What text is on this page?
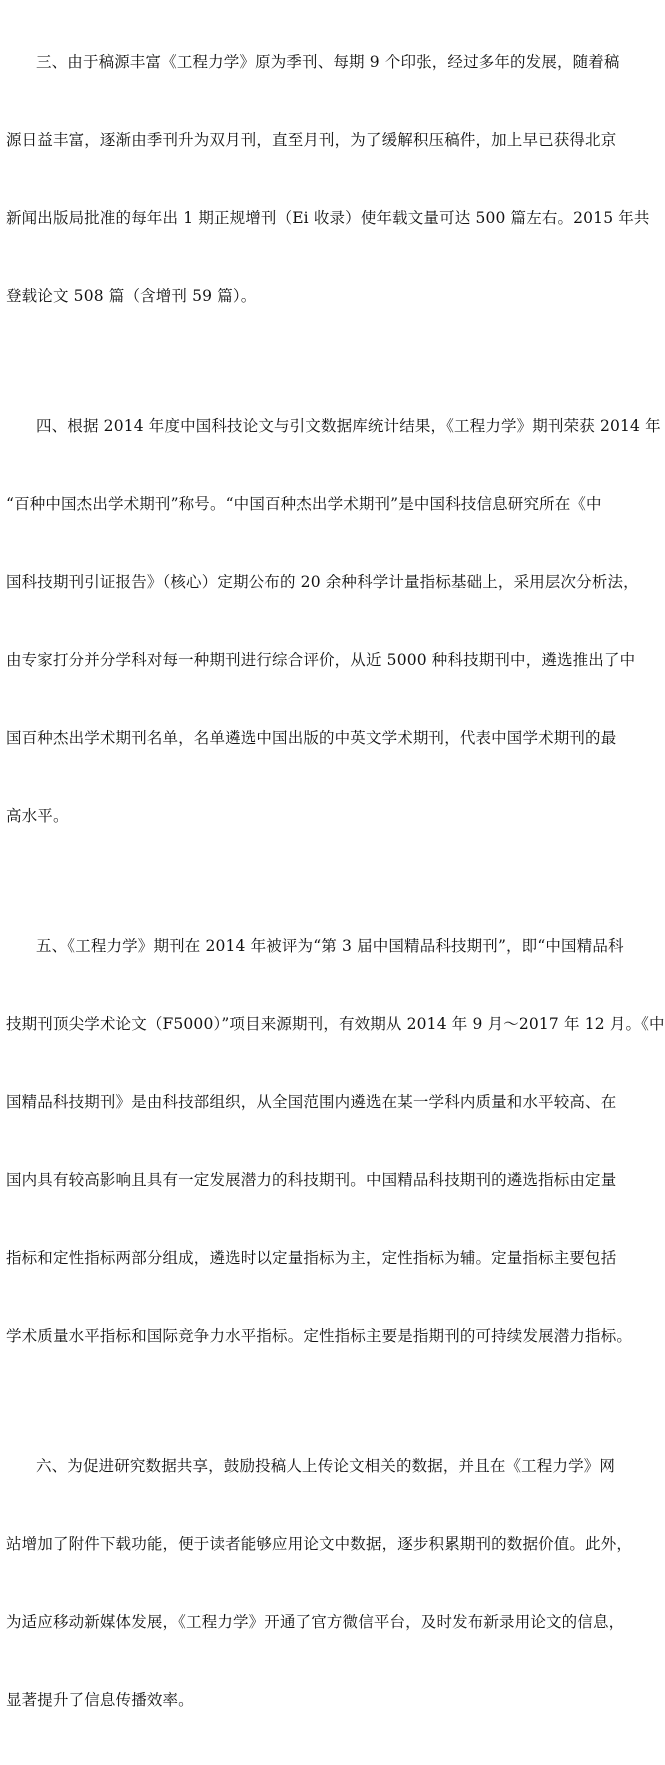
三、由于稿源丰富《工程力学》原为季刊、每期 9 个印张，经过多年的发展，随着稿

源日益丰富，逐渐由季刊升为双月刊，直至月刊，为了缓解积压稿件，加上早已获得北京

新闻出版局批准的每年出 1 期正规增刊（Ei 收录）使年载文量可达 500 篇左右。2015 年共

登载论文 508 篇（含增刊 59 篇）。

四、根据 2014 年度中国科技论文与引文数据库统计结果，《工程力学》期刊荣获 2014 年

“百种中国杰出学术期刊”称号。“中国百种杰出学术期刊”是中国科技信息研究所在《中

国科技期刊引证报告》（核心）定期公布的 20 余种科学计量指标基础上，采用层次分析法，

由专家打分并分学科对每一种期刊进行综合评价，从近 5000 种科技期刊中，遴选推出了中

国百种杰出学术期刊名单，名单遴选中国出版的中英文学术期刊，代表中国学术期刊的最

高水平。

五、《工程力学》期刊在 2014 年被评为“第 3 届中国精品科技期刊”，即“中国精品科

技期刊顶尖学术论文（F5000）”项目来源期刊，有效期从 2014 年 9 月～2017 年 12 月。《中

国精品科技期刊》是由科技部组织，从全国范围内遴选在某一学科内质量和水平较高、在

国内具有较高影响且具有一定发展潜力的科技期刊。中国精品科技期刊的遴选指标由定量

指标和定性指标两部分组成，遴选时以定量指标为主，定性指标为辅。定量指标主要包括

学术质量水平指标和国际竞争力水平指标。定性指标主要是指期刊的可持续发展潜力指标。

六、为促进研究数据共享，鼓励投稿人上传论文相关的数据，并且在《工程力学》网

站增加了附件下载功能，便于读者能够应用论文中数据，逐步积累期刊的数据价值。此外，

为适应移动新媒体发展，《工程力学》开通了官方微信平台，及时发布新录用论文的信息，

显著提升了信息传播效率。
